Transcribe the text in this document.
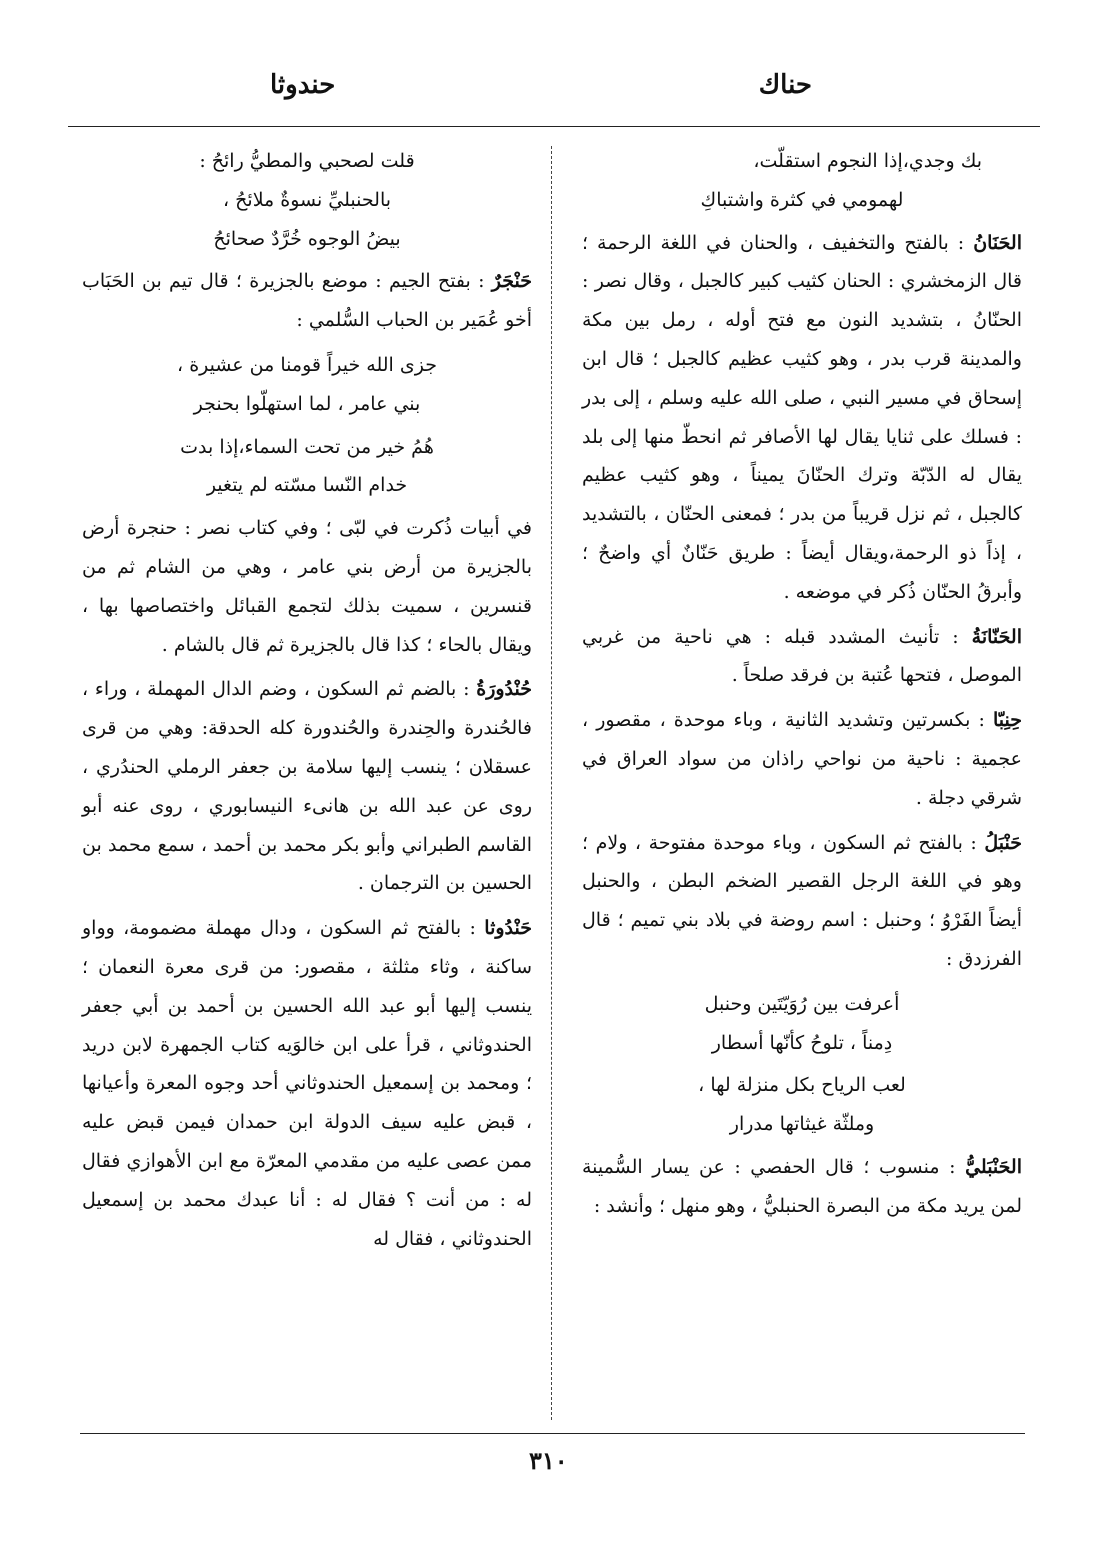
حناك
حندوثا
بك وجدي،إذا النجوم استقلّت،
لهمومي في كثرة واشتباكِ
الحَنَانُ : بالفتح والتخفيف ، والحنان في اللغة الرحمة ؛ قال الزمخشري : الحنان كثيب كبير كالجبل ، وقال نصر : الحنّانُ ، بتشديد النون مع فتح أوله ، رمل بين مكة والمدينة قرب بدر ، وهو كثيب عظيم كالجبل ؛ قال ابن إسحاق في مسير النبي ، صلى الله عليه وسلم ، إلى بدر : فسلك على ثنايا يقال لها الأصافر ثم انحطّ منها إلى بلد يقال له الدّبّة وترك الحنّانَ يميناً ، وهو كثيب عظيم كالجبل ، ثم نزل قريباً من بدر ؛ فمعنى الحنّان ، بالتشديد ، إذاً ذو الرحمة،ويقال أيضاً : طريق حَنّانٌ أي واضحٌ ؛ وأبرقُ الحنّان ذُكر في موضعه .
الحَنّانَةُ : تأنيث المشدد قبله : هي ناحية من غربي الموصل ، فتحها عُتبة بن فرقد صلحاً .
حِنِبّا : بكسرتين وتشديد الثانية ، وباء موحدة ، مقصور ، عجمية : ناحية من نواحي راذان من سواد العراق في شرقي دجلة .
حَنْبَلُ : بالفتح ثم السكون ، وباء موحدة مفتوحة ، ولام ؛ وهو في اللغة الرجل القصير الضخم البطن ، والحنبل أيضاً الفَرْوُ ؛ وحنبل : اسم روضة في بلاد بني تميم ؛ قال الفرزدق :
أعرفت بين رُوَيّتَين وحنبل
دِمناً ، تلوحُ كأنّها أسطار
لعب الرياح بكل منزلة لها ،
وملثّة غيثاتها مدرار
الحَنْبَليُّ : منسوب ؛ قال الحفصي : عن يسار السُّمينة لمن يريد مكة من البصرة الحنبليُّ ، وهو منهل ؛ وأنشد :
قلت لصحبي والمطيُّ رائحُ :
بالحنبليِّ نسوةٌ ملائحُ ،
بيضُ الوجوه خُرَّدٌ صحائحُ
حَنْجَرٌ : بفتح الجيم : موضع بالجزيرة ؛ قال تيم بن الحَبَاب أخو عُمَير بن الحباب السُّلمي :
جزى الله خيراً قومنا من عشيرة ،
بني عامر ، لما استهلّوا بحنجر
هُمُ خير من تحت السماء،إذا بدت
خدام النّسا مسّته لم يتغير
في أبيات ذُكرت في لبّى ؛ وفي كتاب نصر : حنجرة أرض بالجزيرة من أرض بني عامر ، وهي من الشام ثم من قنسرين ، سميت بذلك لتجمع القبائل واختصاصها بها ، ويقال بالحاء ؛ كذا قال بالجزيرة ثم قال بالشام .
حُنْدُورَةُ : بالضم ثم السكون ، وضم الدال المهملة ، وراء ، فالحُندرة والحِندرة والحُندورة كله الحدقة: وهي من قرى عسقلان ؛ ينسب إليها سلامة بن جعفر الرملي الحندُري ، روى عن عبد الله بن هانىء النيسابوري ، روى عنه أبو القاسم الطبراني وأبو بكر محمد بن أحمد ، سمع محمد بن الحسين بن الترجمان .
حَنْدُوثا : بالفتح ثم السكون ، ودال مهملة مضمومة، وواو ساكنة ، وثاء مثلثة ، مقصور: من قرى معرة النعمان ؛ ينسب إليها أبو عبد الله الحسين بن أحمد بن أبي جعفر الحندوثاني ، قرأ على ابن خالوَيه كتاب الجمهرة لابن دريد ؛ ومحمد بن إسمعيل الحندوثاني أحد وجوه المعرة وأعيانها ، قبض عليه سيف الدولة ابن حمدان فيمن قبض عليه ممن عصى عليه من مقدمي المعرّة مع ابن الأهوازي فقال له : من أنت ؟ فقال له : أنا عبدك محمد بن إسمعيل الحندوثاني ، فقال له
٣١٠
